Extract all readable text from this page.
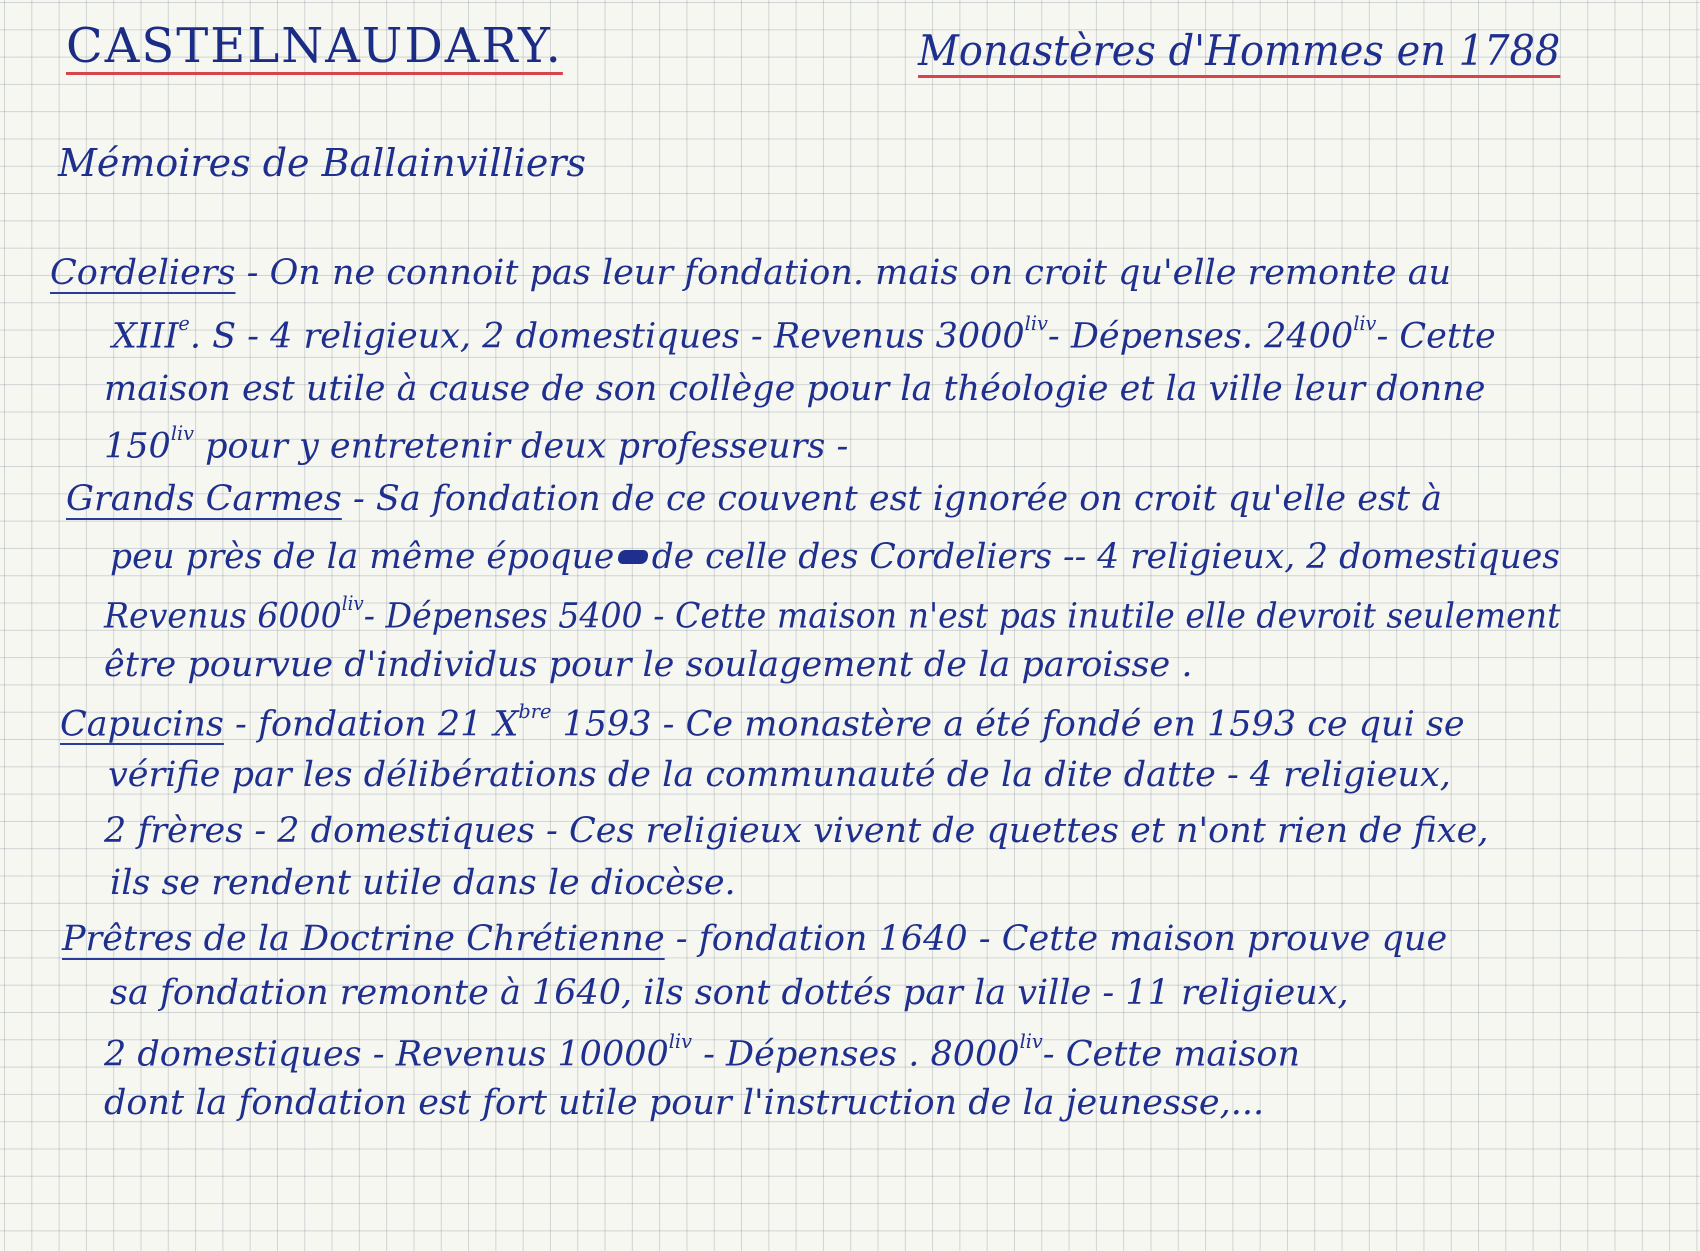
CASTELNAUDARY.	Monastères d'Hommes en 1788
Mémoires de Ballainvilliers
Cordeliers - On ne connoit pas leur fondation. mais on croit qu'elle remonte au
XIIIe. S - 4 religieux, 2 domestiques - Revenus $3000^{liv}-$ Dépenses. $2400^{liv}-$ Cette
maison est utile à cause de son collège pour la théologie et la ville leur donne
$150^{liv}$ pour y entretenir deux professeurs -
Grands Carmes - Sa fondation de ce couvent est ignorée on croit qu'elle est à
peu près de la même époque de celle des Cordeliers -- 4 religieux, 2 domestiques
Revenus $6000^{liv}-$ Dépenses 5400 - Cette maison n'est pas inutile elle devroit seulement
être pourvue d'individus pour le soulagement de la paroisse .
Capucins - fondation 21 $X^{bre}$ 1593 - Ce monastère a été fondé en 1593 ce qui se
vérifie par les délibérations de la communauté de la dite datte - 4 religieux,
2 frères - 2 domestiques - Ces religieux vivent de quettes et n'ont rien de fixe,
ils se rendent utile dans le diocèse.
Prêtres de la Doctrine Chrétienne - fondation 1640 - Cette maison prouve que
sa fondation remonte à 1640, ils sont dottés par la ville - 11 religieux,
2 domestiques - Revenus $10000^{liv}$ - Dépenses . $8000^{liv}-$ Cette maison
dont la fondation est fort utile pour l'instruction de la jeunesse,...
